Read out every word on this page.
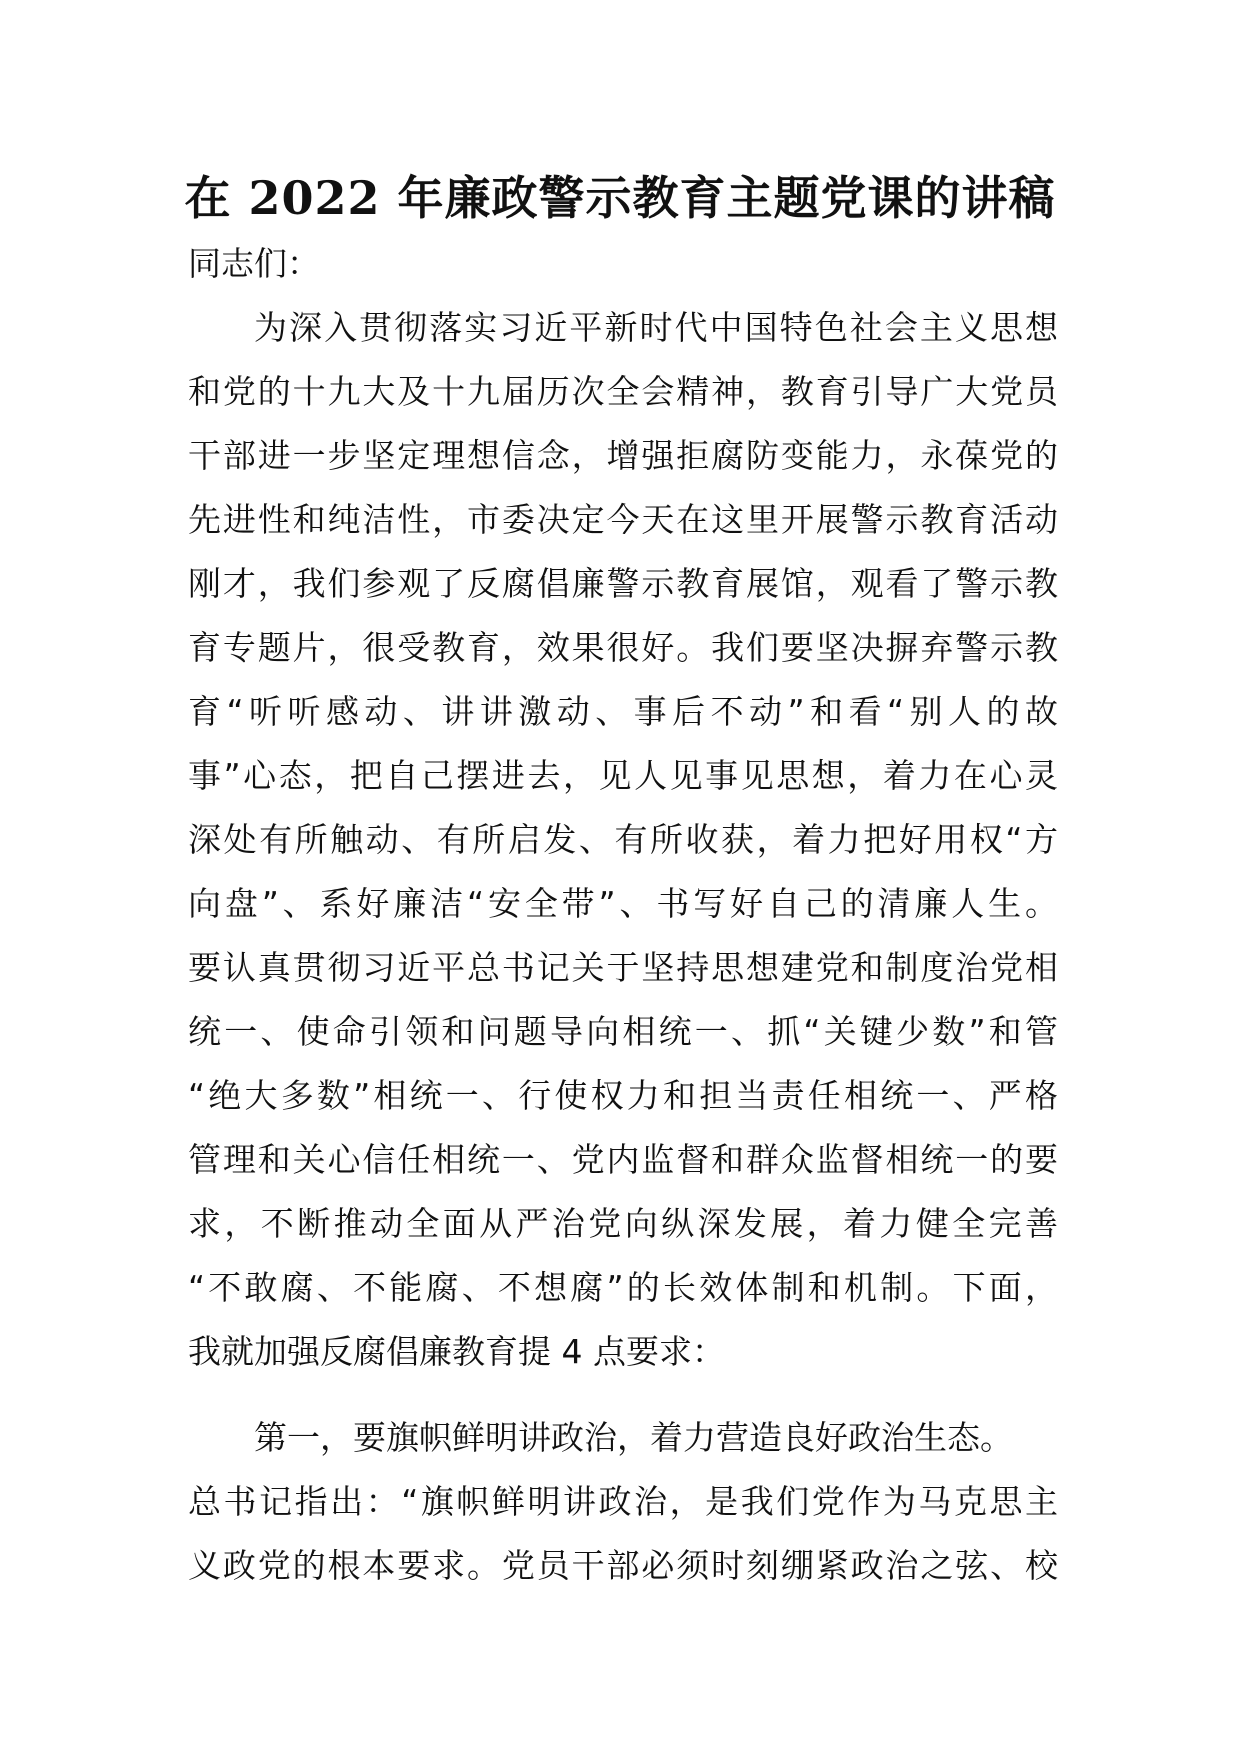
在 2022 年廉政警示教育主题党课的讲稿
同志们：
为深入贯彻落实习近平新时代中国特色社会主义思想
和党的十九大及十九届历次全会精神，教育引导广大党员
干部进一步坚定理想信念，增强拒腐防变能力，永葆党的
先进性和纯洁性，市委决定今天在这里开展警示教育活动
刚才，我们参观了反腐倡廉警示教育展馆，观看了警示教
育专题片，很受教育，效果很好。我们要坚决摒弃警示教
育“听听感动、讲讲激动、事后不动”和看“别人的故
事”心态，把自己摆进去，见人见事见思想，着力在心灵
深处有所触动、有所启发、有所收获，着力把好用权“方
向盘”、系好廉洁“安全带”、书写好自己的清廉人生。
要认真贯彻习近平总书记关于坚持思想建党和制度治党相
统一、使命引领和问题导向相统一、抓“关键少数”和管
“绝大多数”相统一、行使权力和担当责任相统一、严格
管理和关心信任相统一、党内监督和群众监督相统一的要
求，不断推动全面从严治党向纵深发展，着力健全完善
“不敢腐、不能腐、不想腐”的长效体制和机制。下面，
我就加强反腐倡廉教育提 4 点要求：
第一，要旗帜鲜明讲政治，着力营造良好政治生态。
总书记指出：“旗帜鲜明讲政治，是我们党作为马克思主
义政党的根本要求。党员干部必须时刻绷紧政治之弦、校
